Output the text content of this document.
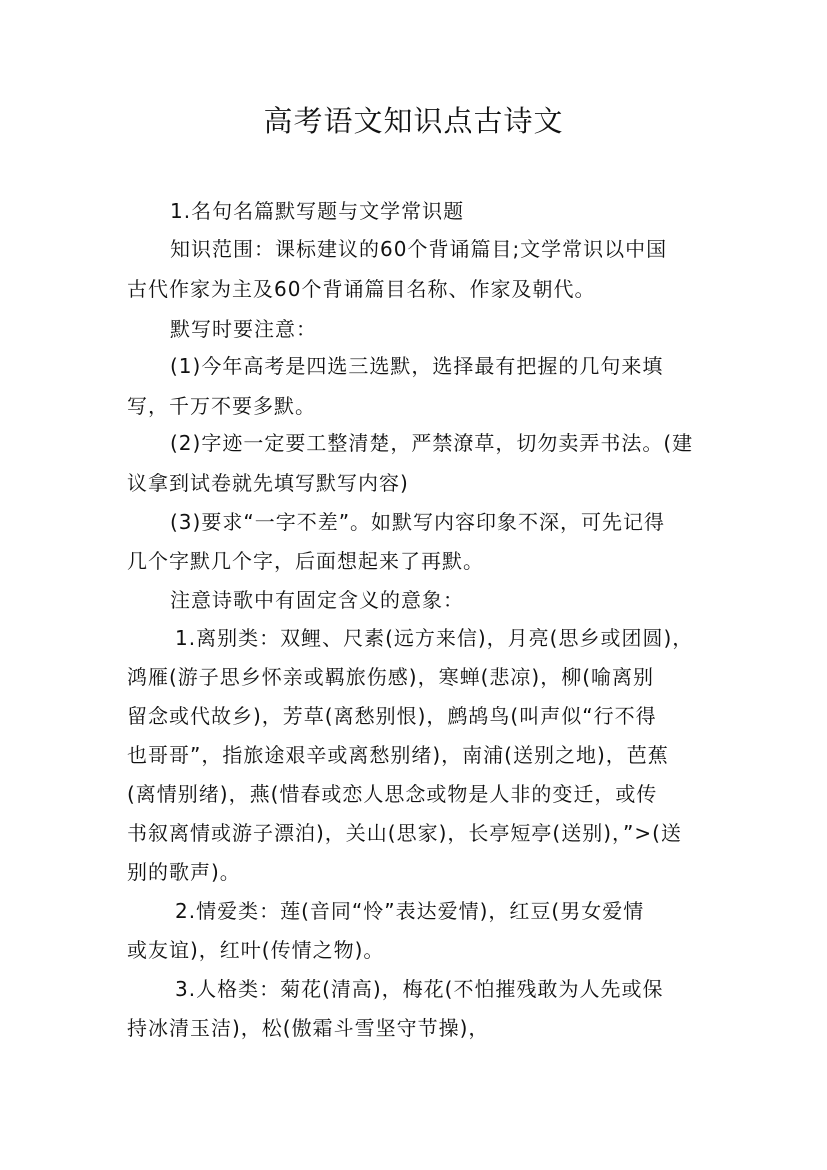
高考语文知识点古诗文
1.名句名篇默写题与文学常识题
知识范围：课标建议的60个背诵篇目;文学常识以中国
古代作家为主及60个背诵篇目名称、作家及朝代。
默写时要注意：
(1)今年高考是四选三选默，选择最有把握的几句来填
写，千万不要多默。
(2)字迹一定要工整清楚，严禁潦草，切勿卖弄书法。(建
议拿到试卷就先填写默写内容)
(3)要求“一字不差”。如默写内容印象不深，可先记得
几个字默几个字，后面想起来了再默。
注意诗歌中有固定含义的意象：
1.离别类：双鲤、尺素(远方来信)，月亮(思乡或团圆)，
鸿雁(游子思乡怀亲或羁旅伤感)，寒蝉(悲凉)，柳(喻离别
留念或代故乡)，芳草(离愁别恨)，鹧鸪鸟(叫声似“行不得
也哥哥”，指旅途艰辛或离愁别绪)，南浦(送别之地)，芭蕉
(离情别绪)，燕(惜春或恋人思念或物是人非的变迁，或传
书叙离情或游子漂泊)，关山(思家)，长亭短亭(送别)，”>(送
别的歌声)。
2.情爱类：莲(音同“怜”表达爱情)，红豆(男女爱情
或友谊)，红叶(传情之物)。
3.人格类：菊花(清高)，梅花(不怕摧残敢为人先或保
持冰清玉洁)，松(傲霜斗雪坚守节操)，
